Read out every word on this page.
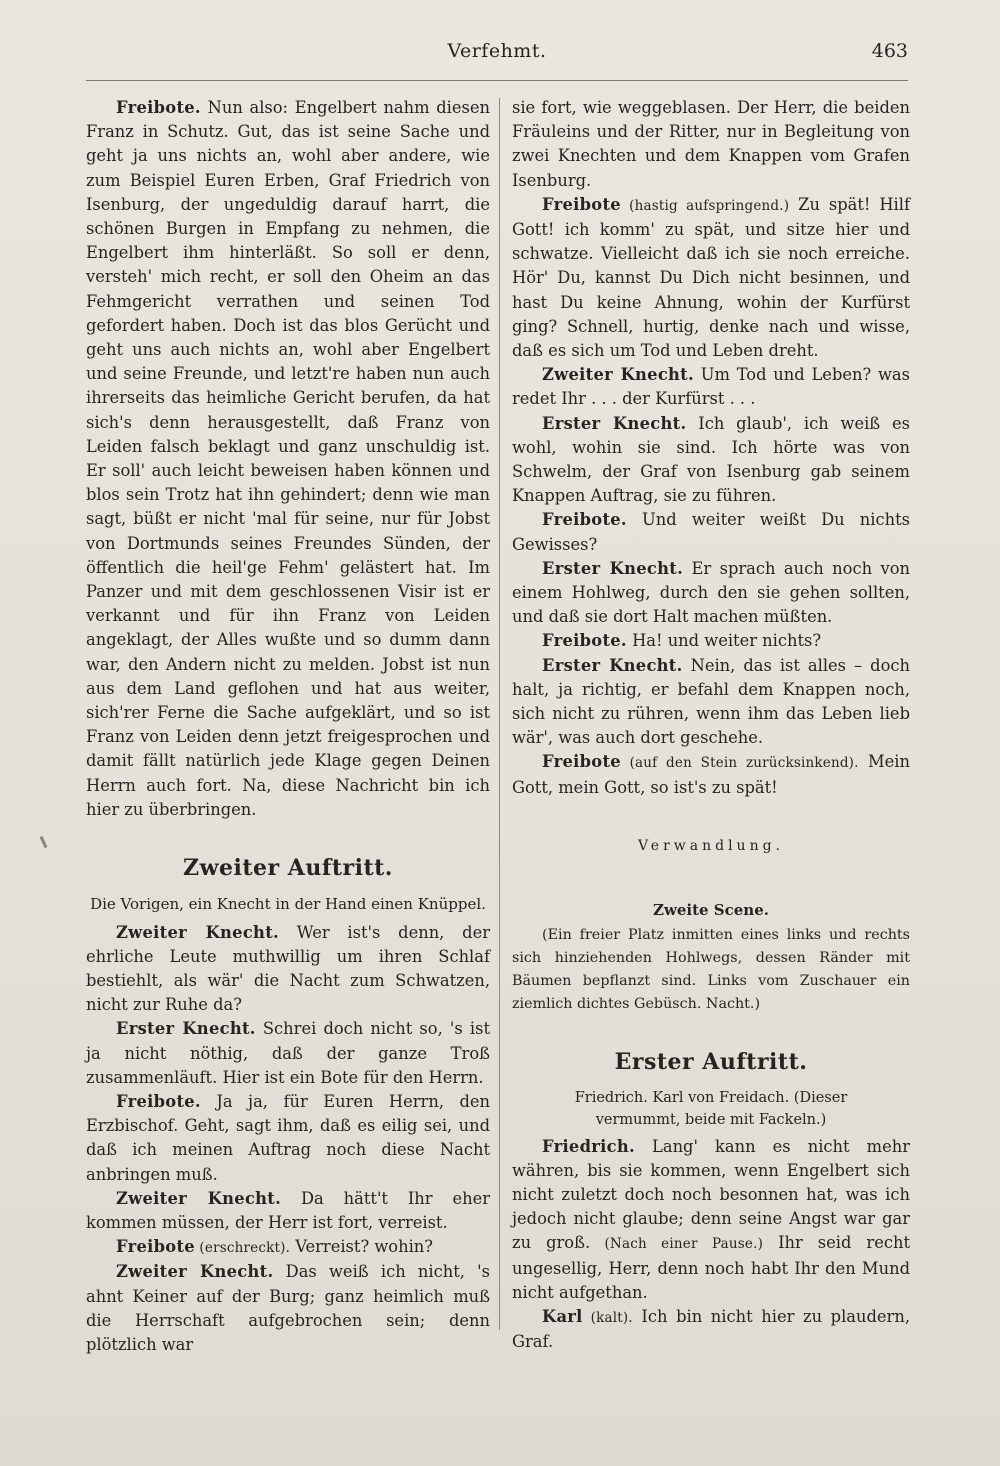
Verfehmt.	463

Freibote. Nun also: Engelbert nahm diesen Franz in Schutz. Gut, das ist seine Sache und geht ja uns nichts an, wohl aber andere, wie zum Beispiel Euren Erben, Graf Friedrich von Isenburg, der ungeduldig darauf harrt, die schönen Burgen in Empfang zu nehmen, die Engelbert ihm hinterläßt. So soll er denn, versteh' mich recht, er soll den Oheim an das Fehmgericht verrathen und seinen Tod gefordert haben. Doch ist das blos Gerücht und geht uns auch nichts an, wohl aber Engelbert und seine Freunde, und letzt're haben nun auch ihrerseits das heimliche Gericht berufen, da hat sich's denn herausgestellt, daß Franz von Leiden falsch beklagt und ganz unschuldig ist. Er soll' auch leicht beweisen haben können und blos sein Trotz hat ihn gehindert; denn wie man sagt, büßt er nicht 'mal für seine, nur für Jobst von Dortmunds seines Freundes Sünden, der öffentlich die heil'ge Fehm' gelästert hat. Im Panzer und mit dem geschlossenen Visir ist er verkannt und für ihn Franz von Leiden angeklagt, der Alles wußte und so dumm dann war, den Andern nicht zu melden. Jobst ist nun aus dem Land geflohen und hat aus weiter, sich'rer Ferne die Sache aufgeklärt, und so ist Franz von Leiden denn jetzt freigesprochen und damit fällt natürlich jede Klage gegen Deinen Herrn auch fort. Na, diese Nachricht bin ich hier zu überbringen.

Zweiter Auftritt.

Die Vorigen, ein Knecht in der Hand einen Knüppel.

Zweiter Knecht. Wer ist's denn, der ehrliche Leute muthwillig um ihren Schlaf bestiehlt, als wär' die Nacht zum Schwatzen, nicht zur Ruhe da?

Erster Knecht. Schrei doch nicht so, 's ist ja nicht nöthig, daß der ganze Troß zusammenläuft. Hier ist ein Bote für den Herrn.

Freibote. Ja ja, für Euren Herrn, den Erzbischof. Geht, sagt ihm, daß es eilig sei, und daß ich meinen Auftrag noch diese Nacht anbringen muß.

Zweiter Knecht. Da hätt't Ihr eher kommen müssen, der Herr ist fort, verreist.

Freibote (erschreckt). Verreist? wohin?

Zweiter Knecht. Das weiß ich nicht, 's ahnt Keiner auf der Burg; ganz heimlich muß die Herrschaft aufgebrochen sein; denn plötzlich war

sie fort, wie weggeblasen. Der Herr, die beiden Fräuleins und der Ritter, nur in Begleitung von zwei Knechten und dem Knappen vom Grafen Isenburg.

Freibote (hastig aufspringend.) Zu spät! Hilf Gott! ich komm' zu spät, und sitze hier und schwatze. Vielleicht daß ich sie noch erreiche. Hör' Du, kannst Du Dich nicht besinnen, und hast Du keine Ahnung, wohin der Kurfürst ging? Schnell, hurtig, denke nach und wisse, daß es sich um Tod und Leben dreht.

Zweiter Knecht. Um Tod und Leben? was redet Ihr . . . der Kurfürst . . .

Erster Knecht. Ich glaub', ich weiß es wohl, wohin sie sind. Ich hörte was von Schwelm, der Graf von Isenburg gab seinem Knappen Auftrag, sie zu führen.

Freibote. Und weiter weißt Du nichts Gewisses?

Erster Knecht. Er sprach auch noch von einem Hohlweg, durch den sie gehen sollten, und daß sie dort Halt machen müßten.

Freibote. Ha! und weiter nichts?

Erster Knecht. Nein, das ist alles – doch halt, ja richtig, er befahl dem Knappen noch, sich nicht zu rühren, wenn ihm das Leben lieb wär', was auch dort geschehe.

Freibote (auf den Stein zurücksinkend). Mein Gott, mein Gott, so ist's zu spät!

Verwandlung.
Zweite Scene.

(Ein freier Platz inmitten eines links und rechts sich hinziehenden Hohlwegs, dessen Ränder mit Bäumen bepflanzt sind. Links vom Zuschauer ein ziemlich dichtes Gebüsch. Nacht.)

Erster Auftritt.

Friedrich. Karl von Freidach. (Dieser vermummt, beide mit Fackeln.)

Friedrich. Lang' kann es nicht mehr währen, bis sie kommen, wenn Engelbert sich nicht zuletzt doch noch besonnen hat, was ich jedoch nicht glaube; denn seine Angst war gar zu groß. (Nach einer Pause.) Ihr seid recht ungesellig, Herr, denn noch habt Ihr den Mund nicht aufgethan.

Karl (kalt). Ich bin nicht hier zu plaudern, Graf.
